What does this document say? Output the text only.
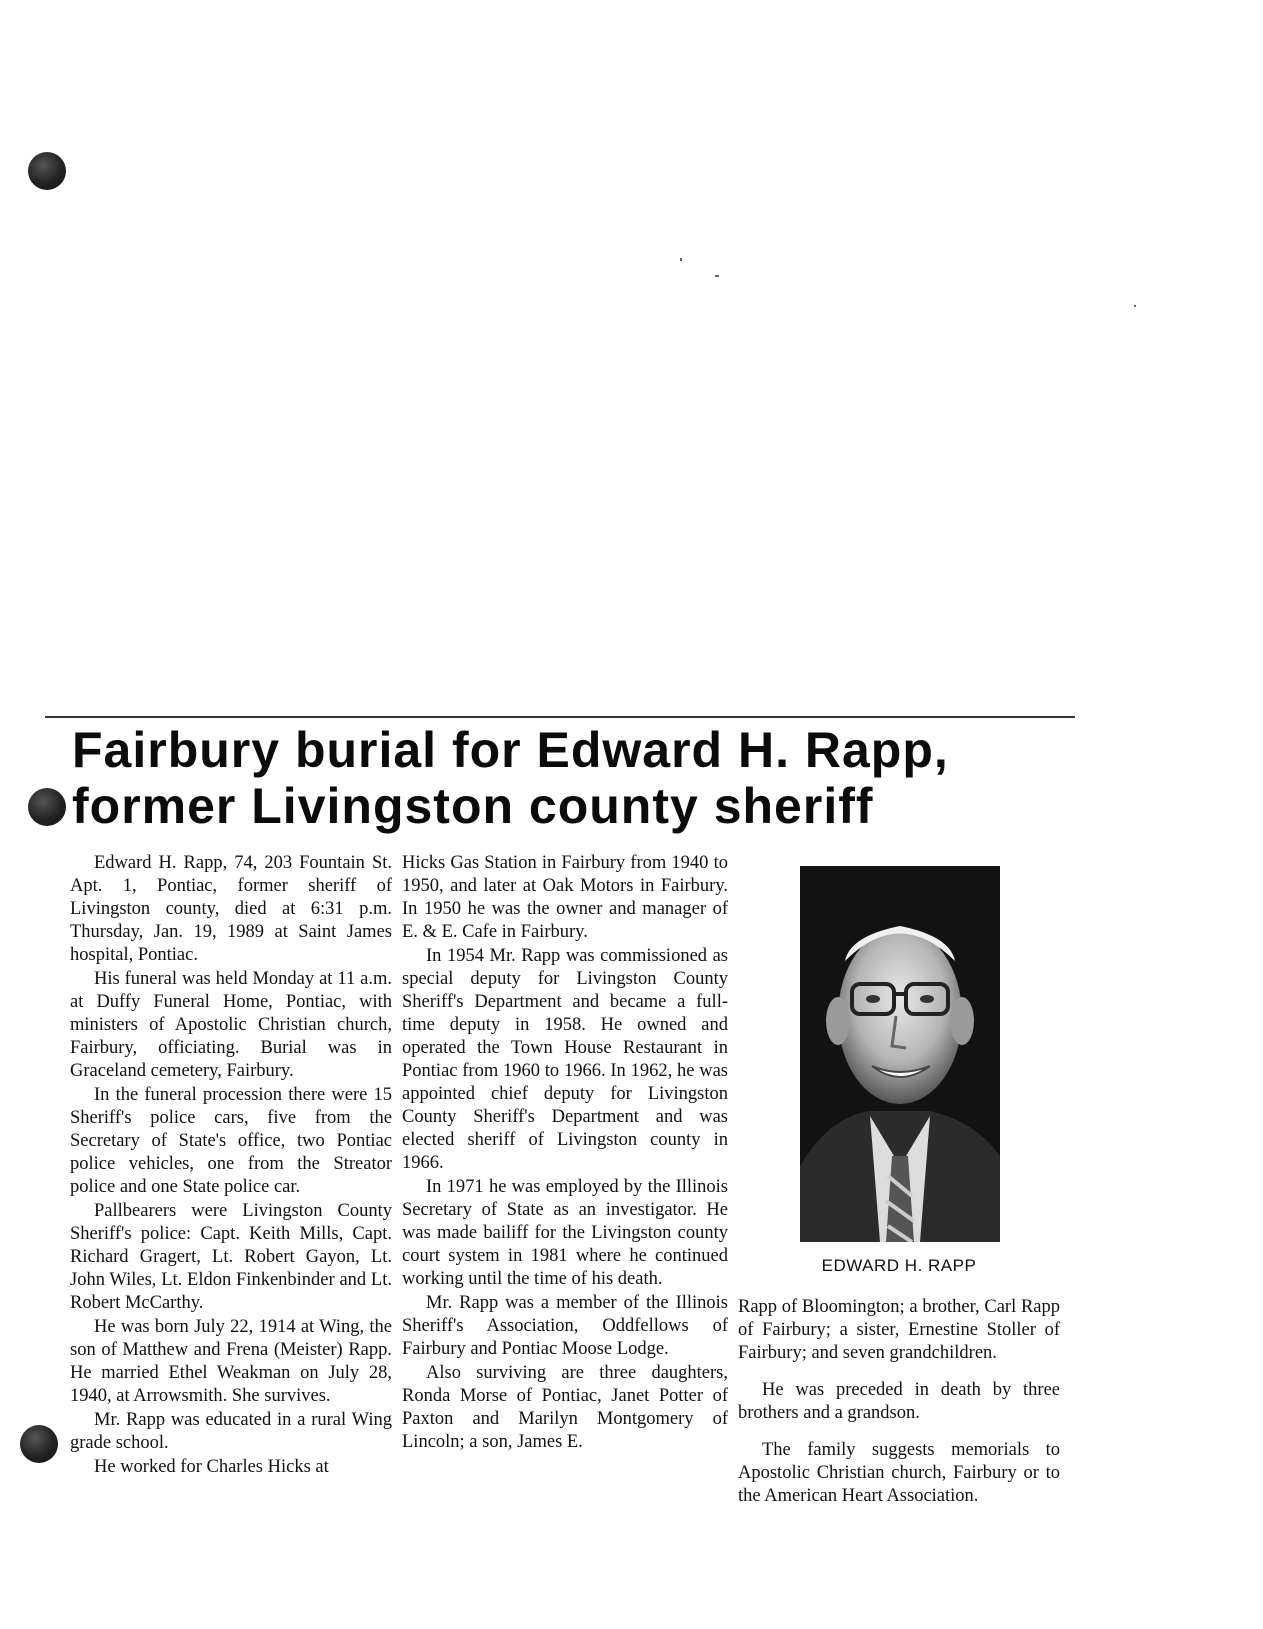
Fairbury burial for Edward H. Rapp,
former Livingston county sheriff

Edward H. Rapp, 74, 203 Fountain St. Apt. 1, Pontiac, former sheriff of Livingston county, died at 6:31 p.m. Thursday, Jan. 19, 1989 at Saint James hospital, Pontiac.

His funeral was held Monday at 11 a.m. at Duffy Funeral Home, Pontiac, with ministers of Apostolic Christian church, Fairbury, officiating. Burial was in Graceland cemetery, Fairbury.

In the funeral procession there were 15 Sheriff's police cars, five from the Secretary of State's office, two Pontiac police vehicles, one from the Streator police and one State police car.

Pallbearers were Livingston County Sheriff's police: Capt. Keith Mills, Capt. Richard Gragert, Lt. Robert Gayon, Lt. John Wiles, Lt. Eldon Finkenbinder and Lt. Robert McCarthy.

He was born July 22, 1914 at Wing, the son of Matthew and Frena (Meister) Rapp. He married Ethel Weakman on July 28, 1940, at Arrowsmith. She survives.

Mr. Rapp was educated in a rural Wing grade school.

He worked for Charles Hicks at

Hicks Gas Station in Fairbury from 1940 to 1950, and later at Oak Motors in Fairbury. In 1950 he was the owner and manager of E. & E. Cafe in Fairbury.

In 1954 Mr. Rapp was commissioned as special deputy for Livingston County Sheriff's Department and became a full-time deputy in 1958. He owned and operated the Town House Restaurant in Pontiac from 1960 to 1966. In 1962, he was appointed chief deputy for Livingston County Sheriff's Department and was elected sheriff of Livingston county in 1966.

In 1971 he was employed by the Illinois Secretary of State as an investigator. He was made bailiff for the Livingston county court system in 1981 where he continued working until the time of his death.

Mr. Rapp was a member of the Illinois Sheriff's Association, Oddfellows of Fairbury and Pontiac Moose Lodge.

Also surviving are three daughters, Ronda Morse of Pontiac, Janet Potter of Paxton and Marilyn Montgomery of Lincoln; a son, James E.

EDWARD H. RAPP

Rapp of Bloomington; a brother, Carl Rapp of Fairbury; a sister, Ernestine Stoller of Fairbury; and seven grandchildren.

He was preceded in death by three brothers and a grandson.

The family suggests memorials to Apostolic Christian church, Fairbury or to the American Heart Association.
